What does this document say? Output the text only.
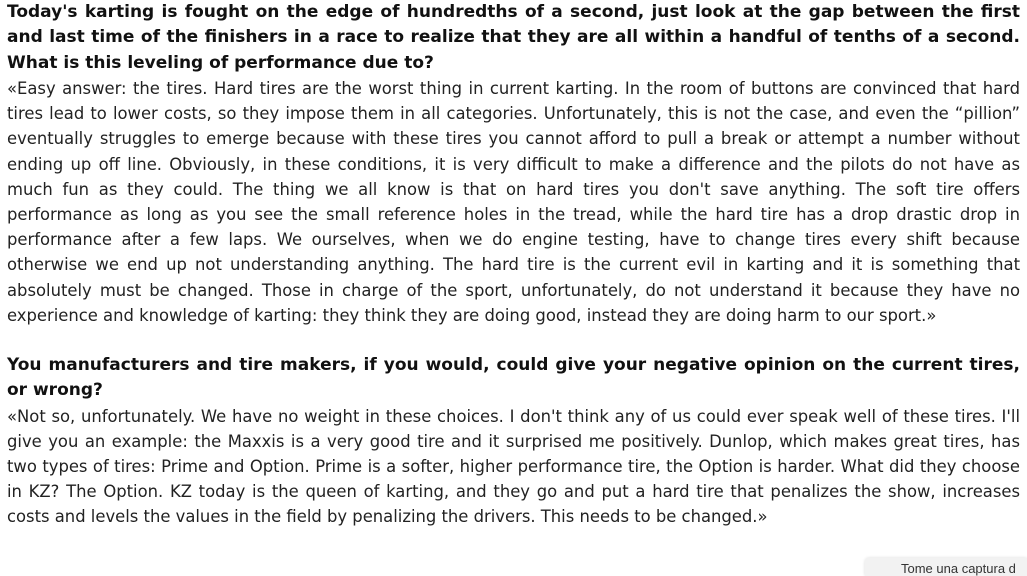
Today's karting is fought on the edge of hundredths of a second, just look at the gap between the first and last time of the finishers in a race to realize that they are all within a handful of tenths of a second. What is this leveling of performance due to?

«Easy answer: the tires. Hard tires are the worst thing in current karting. In the room of buttons are convinced that hard tires lead to lower costs, so they impose them in all categories. Unfortunately, this is not the case, and even the “pillion” eventually struggles to emerge because with these tires you cannot afford to pull a break or attempt a number without ending up off line. Obviously, in these conditions, it is very difficult to make a difference and the pilots do not have as much fun as they could. The thing we all know is that on hard tires you don't save anything. The soft tire offers performance as long as you see the small reference holes in the tread, while the hard tire has a drop drastic drop in performance after a few laps. We ourselves, when we do engine testing, have to change tires every shift because otherwise we end up not understanding anything. The hard tire is the current evil in karting and it is something that absolutely must be changed. Those in charge of the sport, unfortunately, do not understand it because they have no experience and knowledge of karting: they think they are doing good, instead they are doing harm to our sport.»

You manufacturers and tire makers, if you would, could give your negative opinion on the current tires, or wrong?

«Not so, unfortunately. We have no weight in these choices. I don't think any of us could ever speak well of these tires. I'll give you an example: the Maxxis is a very good tire and it surprised me positively. Dunlop, which makes great tires, has two types of tires: Prime and Option. Prime is a softer, higher performance tire, the Option is harder. What did they choose in KZ? The Option. KZ today is the queen of karting, and they go and put a hard tire that penalizes the show, increases costs and levels the values in the field by penalizing the drivers. This needs to be changed.»

Tome una captura d
